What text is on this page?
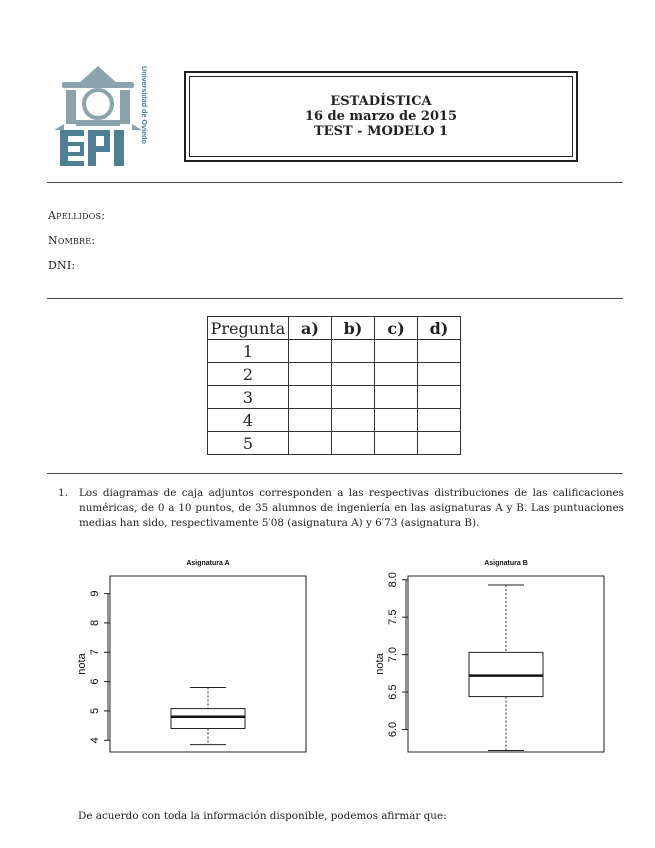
EPI
Universidad de Oviedo
GIJÓN
ESTADÍSTICA
16 de marzo de 2015
TEST - MODELO 1
Apellidos:
Nombre:
DNI:
Pregunta	a)	b)	c)	d)
1				
2				
3				
4				
5				
1. Los diagramas de caja adjuntos corresponden a las respectivas distribuciones de las calificaciones numéricas, de 0 a 10 puntos, de 35 alumnos de ingeniería en las asignaturas A y B. Las puntuaciones medias han sido, respectivamente 5′08 (asignatura A) y 6′73 (asignatura B).
Asignatura A
4
5
6
7
8
9
nota
Asignatura B
6.0
6.5
7.0
7.5
8.0
nota
De acuerdo con toda la información disponible, podemos afirmar que:
